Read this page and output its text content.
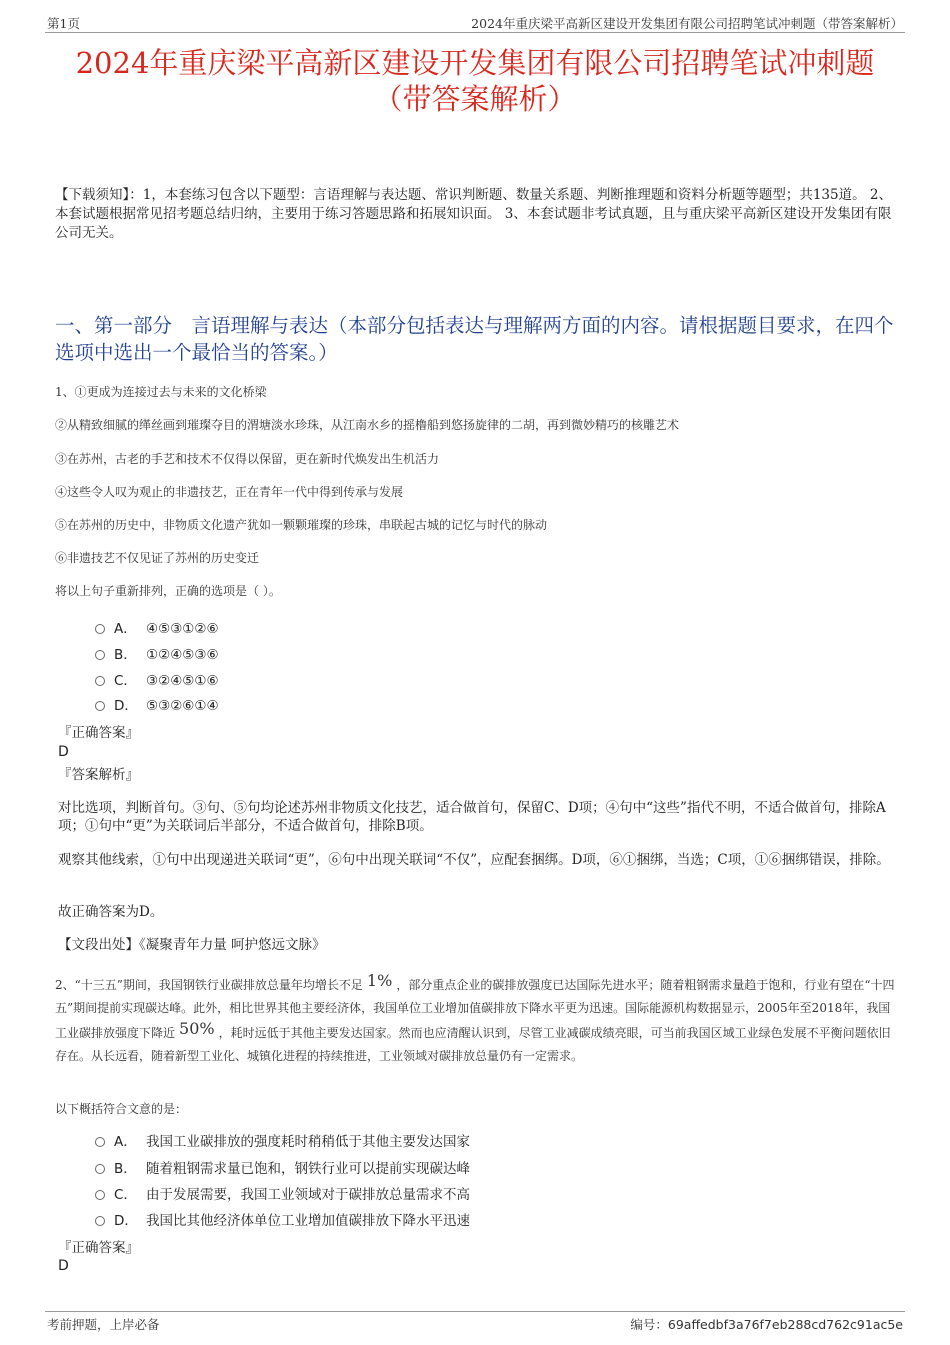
第1页	2024年重庆梁平高新区建设开发集团有限公司招聘笔试冲刺题（带答案解析）
2024年重庆梁平高新区建设开发集团有限公司招聘笔试冲刺题
（带答案解析）
【下载须知】：1，本套练习包含以下题型：言语理解与表达题、常识判断题、数量关系题、判断推理题和资料分析题等题型；共135道。 2、本套试题根据常见招考题总结归纳，主要用于练习答题思路和拓展知识面。 3、本套试题非考试真题，且与重庆梁平高新区建设开发集团有限公司无关。
一、第一部分　言语理解与表达（本部分包括表达与理解两方面的内容。请根据题目要求，在四个选项中选出一个最恰当的答案。）
1、①更成为连接过去与未来的文化桥梁
②从精致细腻的缂丝画到璀璨夺目的渭塘淡水珍珠，从江南水乡的摇橹船到悠扬旋律的二胡，再到微妙精巧的核雕艺术
③在苏州，古老的手艺和技术不仅得以保留，更在新时代焕发出生机活力
④这些令人叹为观止的非遗技艺，正在青年一代中得到传承与发展
⑤在苏州的历史中，非物质文化遗产犹如一颗颗璀璨的珍珠，串联起古城的记忆与时代的脉动
⑥非遗技艺不仅见证了苏州的历史变迁
将以上句子重新排列，正确的选项是（ ）。
A． ④⑤③①②⑥
B． ①②④⑤③⑥
C． ③②④⑤①⑥
D． ⑤③②⑥①④
『正确答案』
D
『答案解析』
对比选项，判断首句。③句、⑤句均论述苏州非物质文化技艺，适合做首句，保留C、D项；④句中“这些”指代不明，不适合做首句，排除A项；①句中“更”为关联词后半部分，不适合做首句，排除B项。
观察其他线索，①句中出现递进关联词“更”，⑥句中出现关联词“不仅”，应配套捆绑。D项，⑥①捆绑，当选；C项，①⑥捆绑错误，排除。
故正确答案为D。
【文段出处】《凝聚青年力量 呵护悠远文脉》
2、“十三五”期间，我国钢铁行业碳排放总量年均增长不足 1% ，部分重点企业的碳排放强度已达国际先进水平；随着粗钢需求量趋于饱和，行业有望在“十四五”期间提前实现碳达峰。此外，相比世界其他主要经济体，我国单位工业增加值碳排放下降水平更为迅速。国际能源机构数据显示，2005年至2018年，我国工业碳排放强度下降近 50% ，耗时远低于其他主要发达国家。然而也应清醒认识到，尽管工业减碳成绩亮眼，可当前我国区域工业绿色发展不平衡问题依旧存在。从长远看，随着新型工业化、城镇化进程的持续推进，工业领域对碳排放总量仍有一定需求。
以下概括符合文意的是：
A． 我国工业碳排放的强度耗时稍稍低于其他主要发达国家
B． 随着粗钢需求量已饱和，钢铁行业可以提前实现碳达峰
C． 由于发展需要，我国工业领域对于碳排放总量需求不高
D． 我国比其他经济体单位工业增加值碳排放下降水平迅速
『正确答案』
D
考前押题，上岸必备	编号：69affedbf3a76f7eb288cd762c91ac5e
